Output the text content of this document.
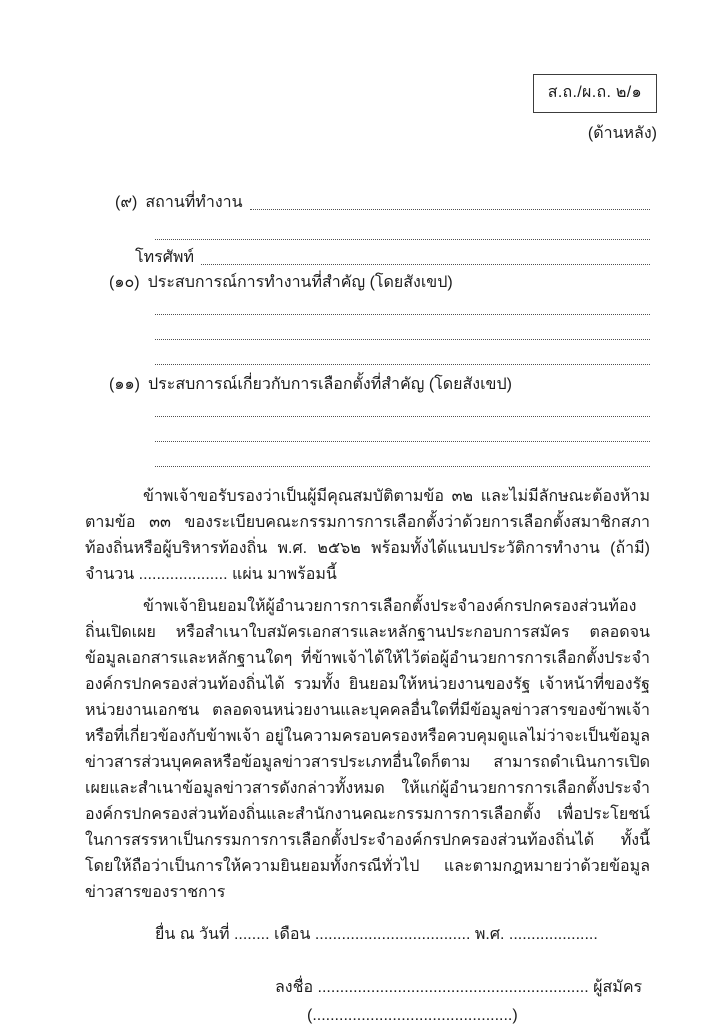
ส.ถ./ผ.ถ. ๒/๑
(ด้านหลัง)
(๙) สถานที่ทำงาน
โทรศัพท์
(๑๐) ประสบการณ์การทำงานที่สำคัญ (โดยสังเขป)
(๑๑) ประสบการณ์เกี่ยวกับการเลือกตั้งที่สำคัญ (โดยสังเขป)

ข้าพเจ้าขอรับรองว่าเป็นผู้มีคุณสมบัติตามข้อ ๓๒ และไม่มีลักษณะต้องห้ามตามข้อ ๓๓ ของระเบียบคณะกรรมการการเลือกตั้งว่าด้วยการเลือกตั้งสมาชิกสภาท้องถิ่นหรือผู้บริหารท้องถิ่น พ.ศ. ๒๕๖๒ พร้อมทั้งได้แนบประวัติการทำงาน (ถ้ามี) จำนวน .................... แผ่น มาพร้อมนี้

ข้าพเจ้ายินยอมให้ผู้อำนวยการการเลือกตั้งประจำองค์กรปกครองส่วนท้องถิ่นเปิดเผย หรือสำเนาใบสมัครเอกสารและหลักฐานประกอบการสมัคร ตลอดจนข้อมูลเอกสารและหลักฐานใดๆ ที่ข้าพเจ้าได้ให้ไว้ต่อผู้อำนวยการการเลือกตั้งประจำองค์กรปกครองส่วนท้องถิ่นได้ รวมทั้ง ยินยอมให้หน่วยงานของรัฐ เจ้าหน้าที่ของรัฐ หน่วยงานเอกชน ตลอดจนหน่วยงานและบุคคลอื่นใดที่มีข้อมูลข่าวสารของข้าพเจ้าหรือที่เกี่ยวข้องกับข้าพเจ้า อยู่ในความครอบครองหรือควบคุมดูแลไม่ว่าจะเป็นข้อมูลข่าวสารส่วนบุคคลหรือข้อมูลข่าวสารประเภทอื่นใดก็ตาม สามารถดำเนินการเปิดเผยและสำเนาข้อมูลข่าวสารดังกล่าวทั้งหมด ให้แก่ผู้อำนวยการการเลือกตั้งประจำองค์กรปกครองส่วนท้องถิ่นและสำนักงานคณะกรรมการการเลือกตั้ง เพื่อประโยชน์ในการสรรหาเป็นกรรมการการเลือกตั้งประจำองค์กรปกครองส่วนท้องถิ่นได้ ทั้งนี้ โดยให้ถือว่าเป็นการให้ความยินยอมทั้งกรณีทั่วไป และตามกฎหมายว่าด้วยข้อมูลข่าวสารของราชการ

ยื่น ณ วันที่ ........ เดือน ................................... พ.ศ. ....................
ลงชื่อ ............................................................. ผู้สมัคร
(.............................................)
